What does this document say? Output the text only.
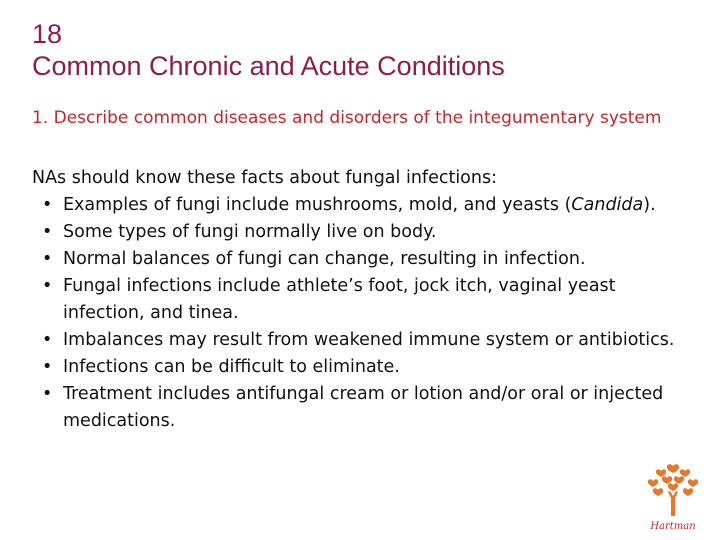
18
Common Chronic and Acute Conditions
1. Describe common diseases and disorders of the integumentary system

NAs should know these facts about fungal infections:

• Examples of fungi include mushrooms, mold, and yeasts (Candida).
• Some types of fungi normally live on body.
• Normal balances of fungi can change, resulting in infection.
• Fungal infections include athlete’s foot, jock itch, vaginal yeast infection, and tinea.
• Imbalances may result from weakened immune system or antibiotics.
• Infections can be difficult to eliminate.
• Treatment includes antifungal cream or lotion and/or oral or injected medications.
Hartman
